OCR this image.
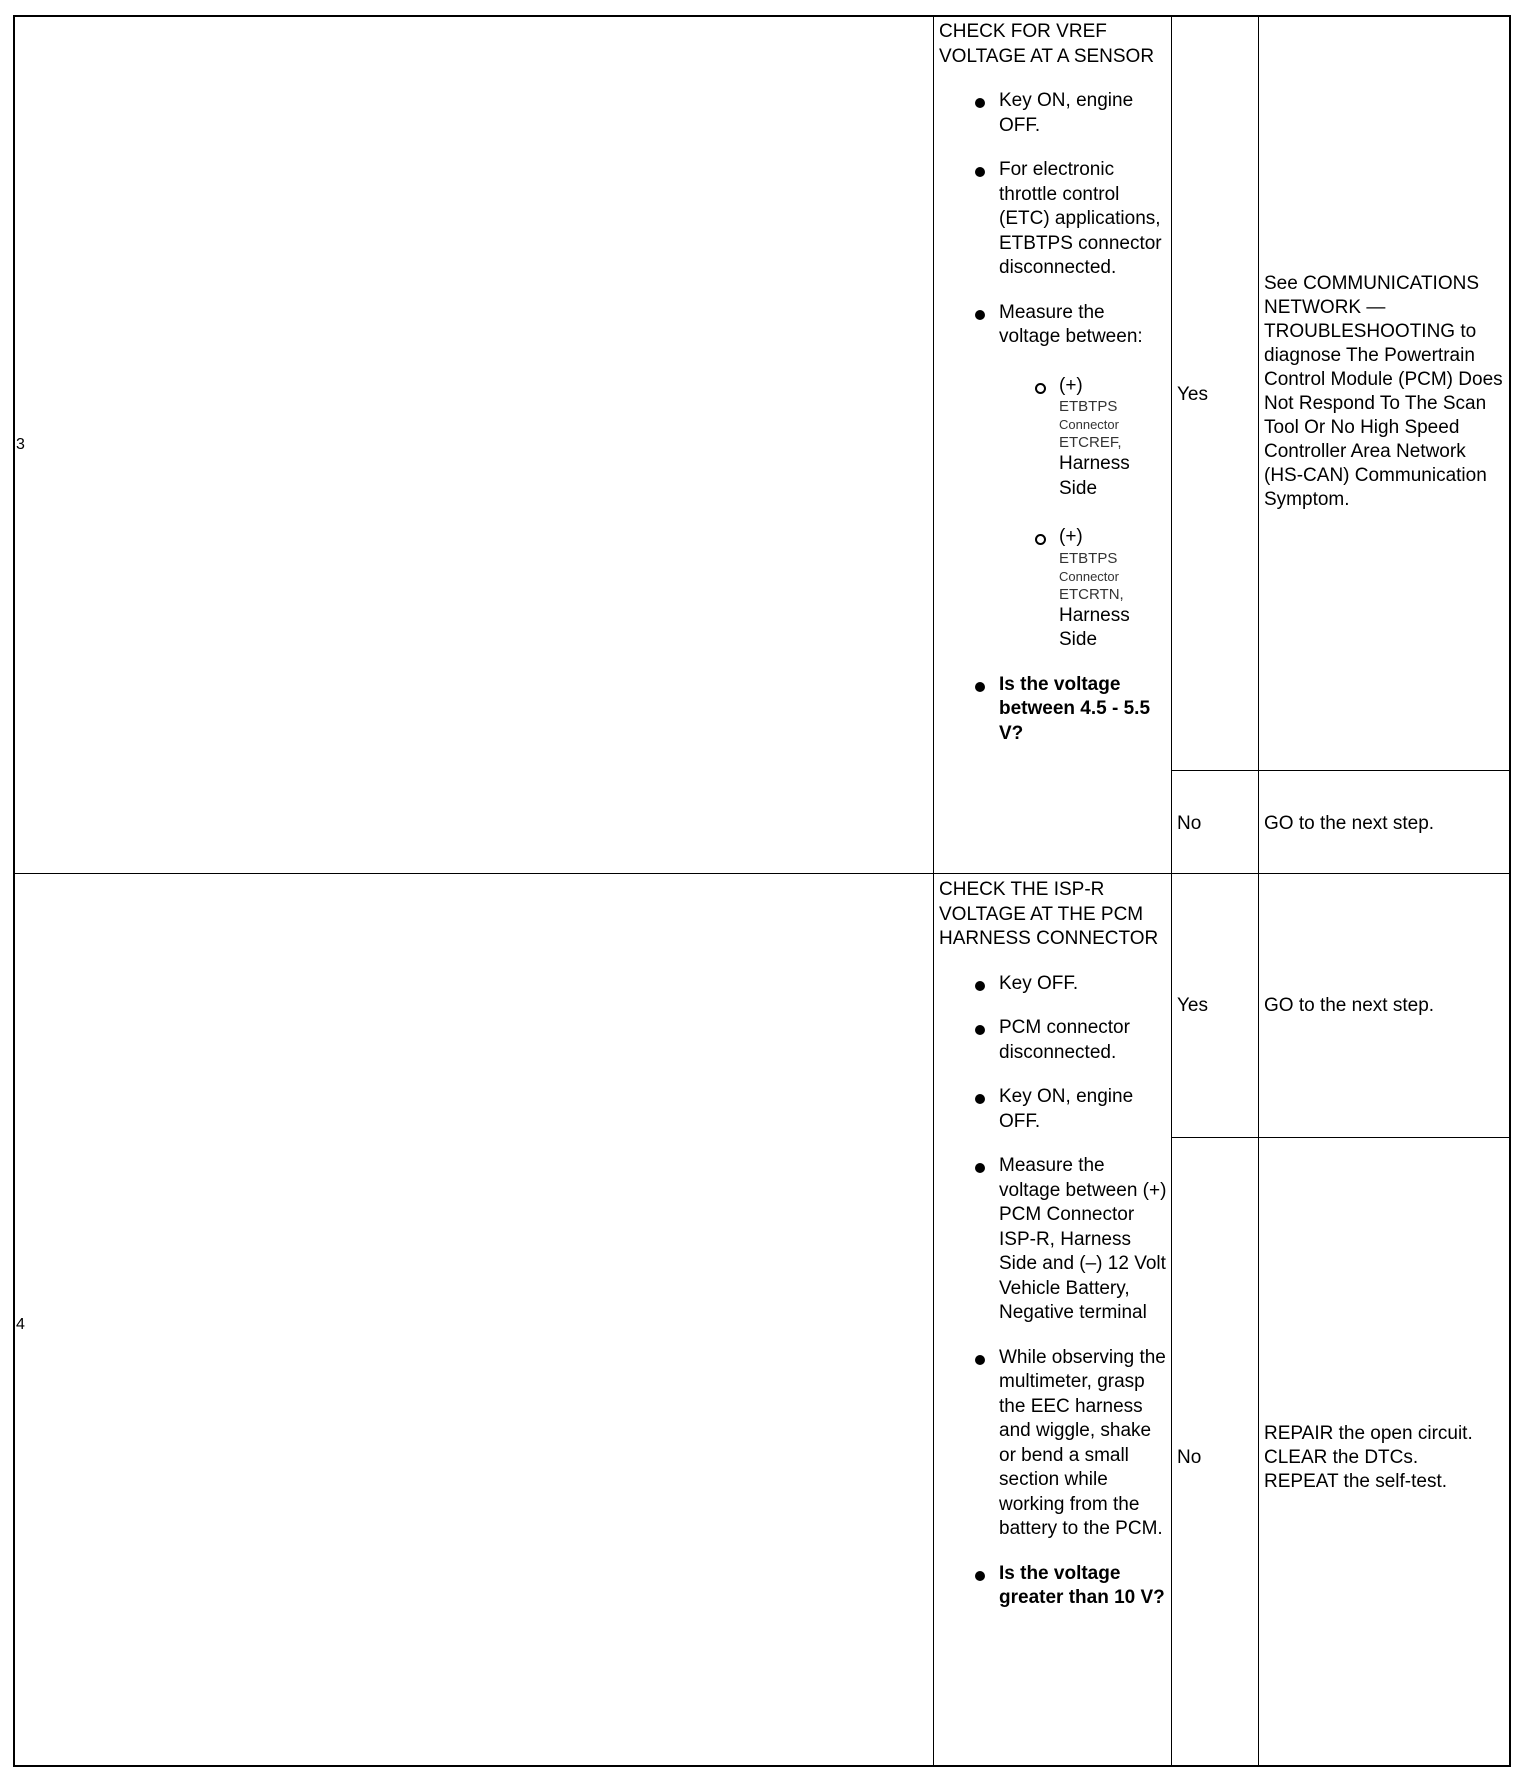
3
CHECK FOR VREF VOLTAGE AT A SENSOR
Key ON, engine OFF.
For electronic throttle control (ETC) applications, ETBTPS connector disconnected.
Measure the voltage between:
(+)
ETBTPS
Connector
ETCREF,
Harness Side
(+)
ETBTPS
Connector
ETCRTN,
Harness Side
Is the voltage between 4.5 - 5.5 V?
Yes
See COMMUNICATIONS NETWORK — TROUBLESHOOTING to diagnose The Powertrain Control Module (PCM) Does Not Respond To The Scan Tool Or No High Speed Controller Area Network (HS-CAN) Communication Symptom.
No	GO to the next step.
4
CHECK THE ISP-R VOLTAGE AT THE PCM HARNESS CONNECTOR
Key OFF.
PCM connector disconnected.
Key ON, engine OFF.
Measure the voltage between (+) PCM Connector ISP-R, Harness Side and (–) 12 Volt Vehicle Battery, Negative terminal
While observing the multimeter, grasp the EEC harness and wiggle, shake or bend a small section while working from the battery to the PCM.
Is the voltage greater than 10 V?
Yes	GO to the next step.
No
REPAIR the open circuit.
CLEAR the DTCs.
REPEAT the self-test.
